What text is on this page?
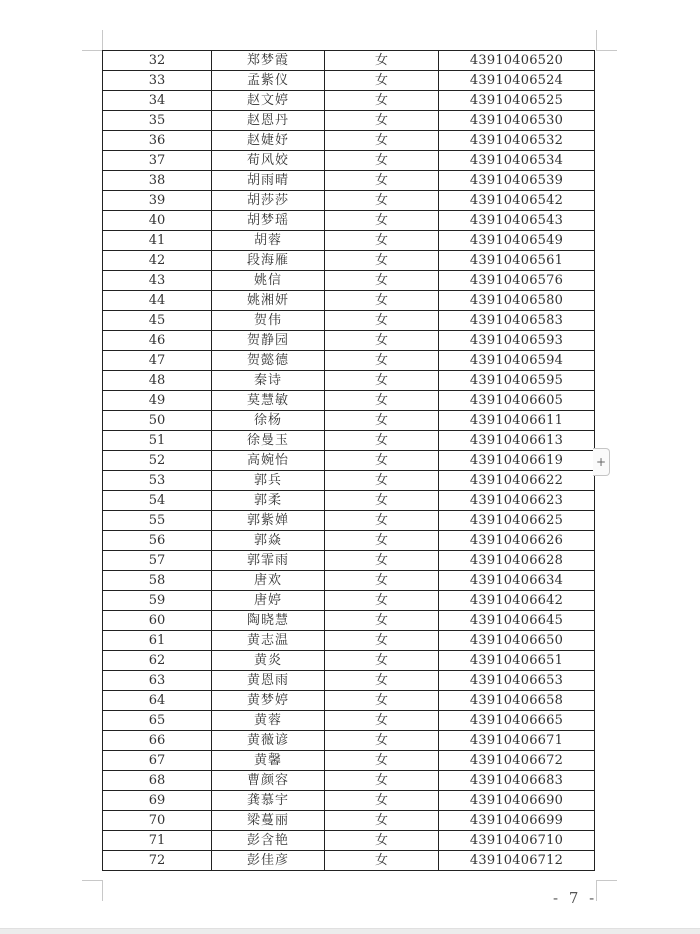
32	郑梦霞	女	43910406520
33	孟紫仪	女	43910406524
34	赵文婷	女	43910406525
35	赵恩丹	女	43910406530
36	赵婕妤	女	43910406532
37	荀风姣	女	43910406534
38	胡雨晴	女	43910406539
39	胡莎莎	女	43910406542
40	胡梦瑶	女	43910406543
41	胡蓉	女	43910406549
42	段海雁	女	43910406561
43	姚信	女	43910406576
44	姚湘妍	女	43910406580
45	贺伟	女	43910406583
46	贺静园	女	43910406593
47	贺懿德	女	43910406594
48	秦诗	女	43910406595
49	莫慧敏	女	43910406605
50	徐杨	女	43910406611
51	徐曼玉	女	43910406613
52	高婉怡	女	43910406619
53	郭兵	女	43910406622
54	郭柔	女	43910406623
55	郭紫婵	女	43910406625
56	郭焱	女	43910406626
57	郭霏雨	女	43910406628
58	唐欢	女	43910406634
59	唐婷	女	43910406642
60	陶晓慧	女	43910406645
61	黄志温	女	43910406650
62	黄炎	女	43910406651
63	黄恩雨	女	43910406653
64	黄梦婷	女	43910406658
65	黄蓉	女	43910406665
66	黄薇谚	女	43910406671
67	黄馨	女	43910406672
68	曹颜容	女	43910406683
69	龚慕宇	女	43910406690
70	梁蔓丽	女	43910406699
71	彭含艳	女	43910406710
72	彭佳彦	女	43910406712
+
- 7 -
